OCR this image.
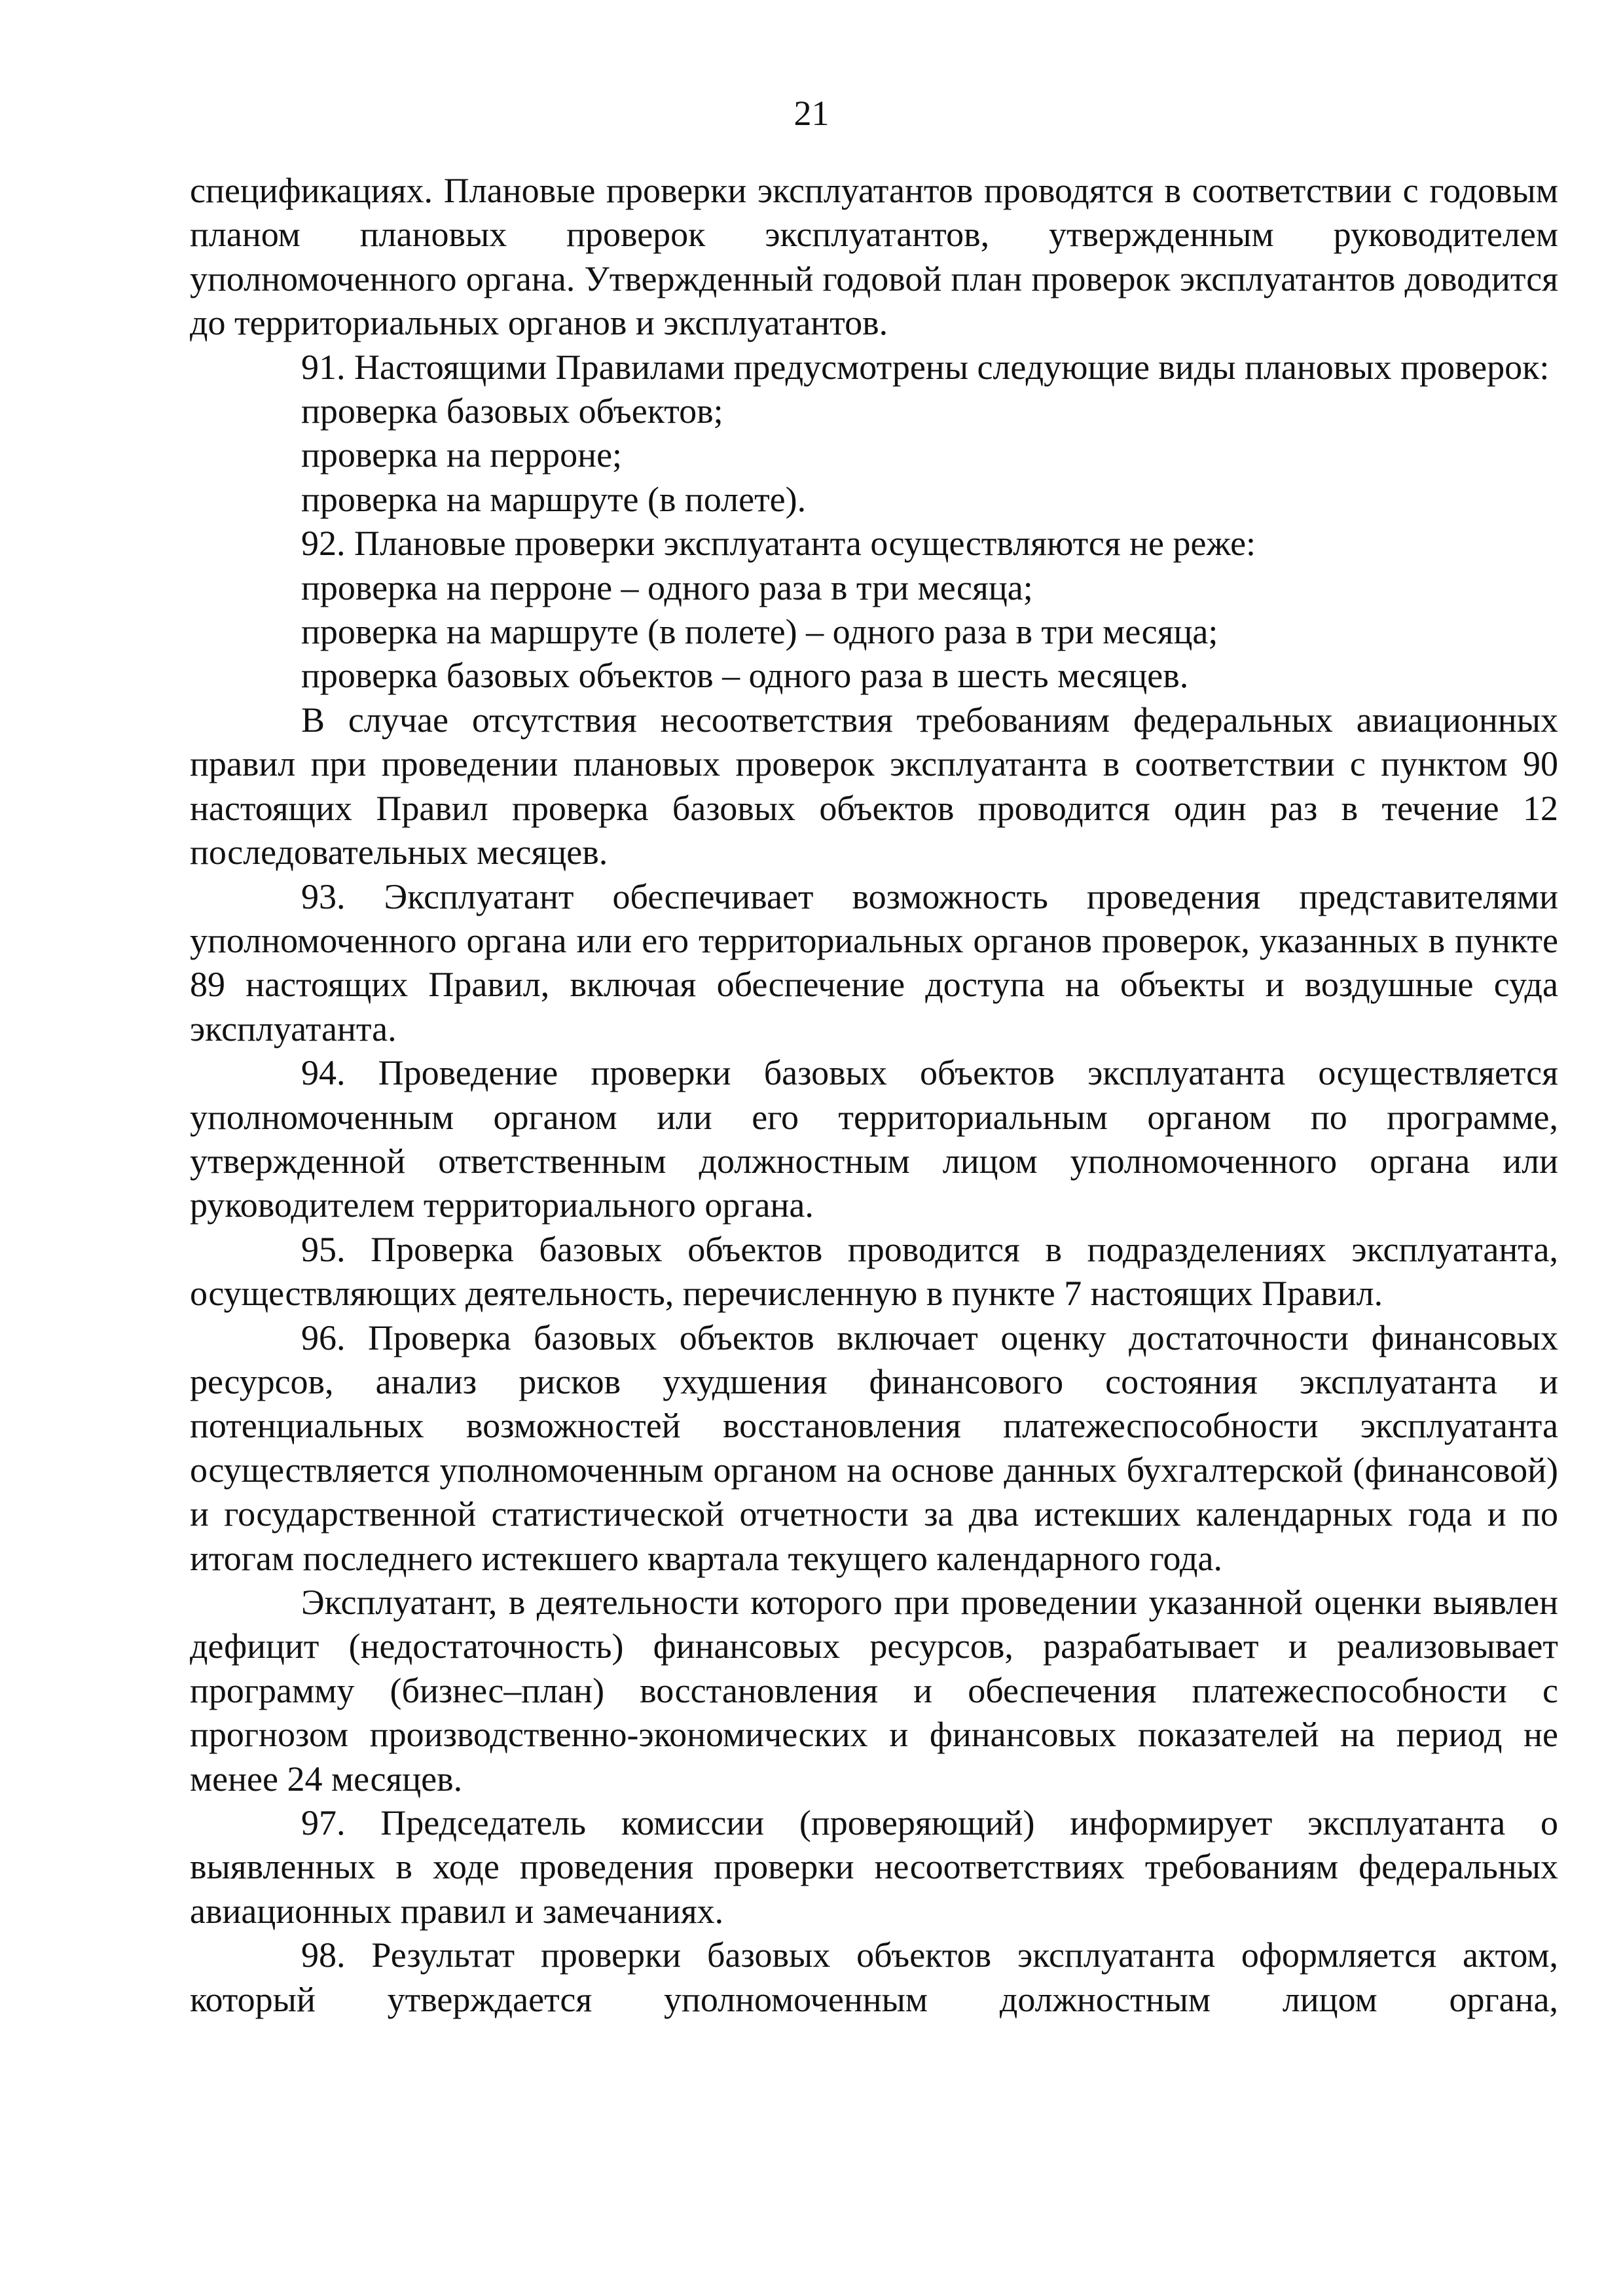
21

спецификациях. Плановые проверки эксплуатантов проводятся в соответствии с годовым планом плановых проверок эксплуатантов, утвержденным руководителем уполномоченного органа. Утвержденный годовой план проверок эксплуатантов доводится до территориальных органов и эксплуатантов.

91. Настоящими Правилами предусмотрены следующие виды плановых проверок:

проверка базовых объектов;

проверка на перроне;

проверка на маршруте (в полете).

92. Плановые проверки эксплуатанта осуществляются не реже:

проверка на перроне – одного раза в три месяца;

проверка на маршруте (в полете) – одного раза в три месяца;

проверка базовых объектов – одного раза в шесть месяцев.

В случае отсутствия несоответствия требованиям федеральных авиационных правил при проведении плановых проверок эксплуатанта в соответствии с пунктом 90 настоящих Правил проверка базовых объектов проводится один раз в течение 12 последовательных месяцев.

93. Эксплуатант обеспечивает возможность проведения представителями уполномоченного органа или его территориальных органов проверок, указанных в пункте 89 настоящих Правил, включая обеспечение доступа на объекты и воздушные суда эксплуатанта.

94. Проведение проверки базовых объектов эксплуатанта осуществляется уполномоченным органом или его территориальным органом по программе, утвержденной ответственным должностным лицом уполномоченного органа или руководителем территориального органа.

95. Проверка базовых объектов проводится в подразделениях эксплуатанта, осуществляющих деятельность, перечисленную в пункте 7 настоящих Правил.

96. Проверка базовых объектов включает оценку достаточности финансовых ресурсов, анализ рисков ухудшения финансового состояния эксплуатанта и потенциальных возможностей восстановления платежеспособности эксплуатанта осуществляется уполномоченным органом на основе данных бухгалтерской (финансовой) и государственной статистической отчетности за два истекших календарных года и по итогам последнего истекшего квартала текущего календарного года.

Эксплуатант, в деятельности которого при проведении указанной оценки выявлен дефицит (недостаточность) финансовых ресурсов, разрабатывает и реализовывает программу (бизнес–план) восстановления и обеспечения платежеспособности с прогнозом производственно-экономических и финансовых показателей на период не менее 24 месяцев.

97. Председатель комиссии (проверяющий) информирует эксплуатанта о выявленных в ходе проведения проверки несоответствиях требованиям федеральных авиационных правил и замечаниях.

98. Результат проверки базовых объектов эксплуатанта оформляется актом, который утверждается уполномоченным должностным лицом органа,
